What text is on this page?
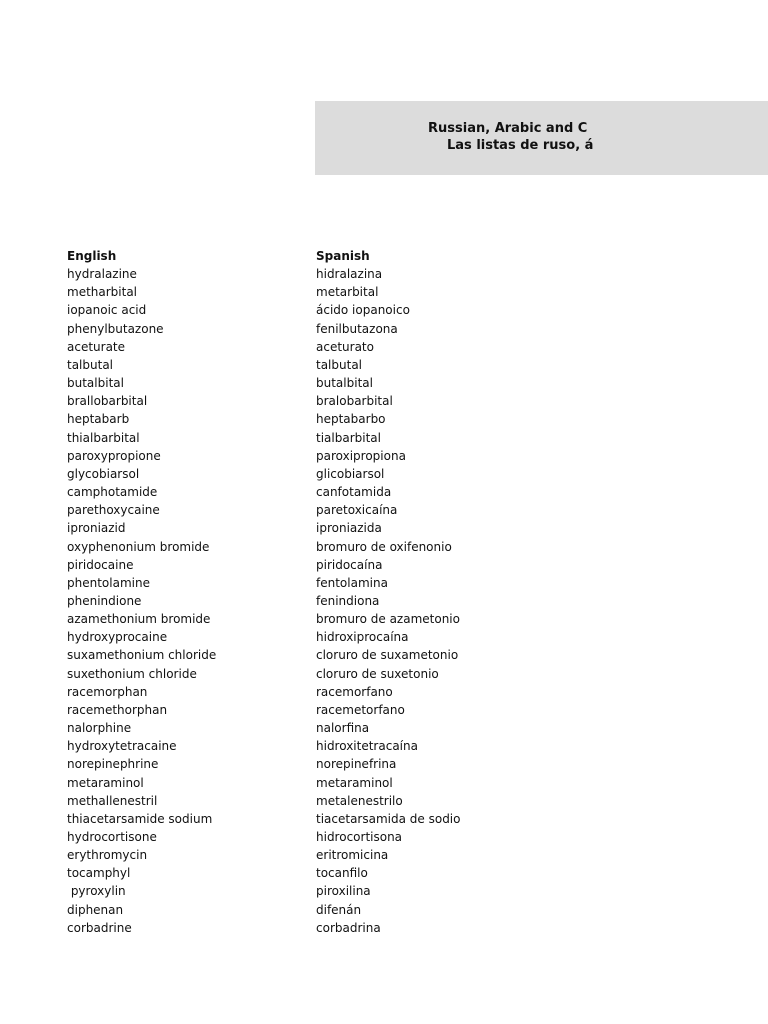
Russian, Arabic and C
Las listas de ruso, á
English
hydralazine
metharbital
iopanoic acid
phenylbutazone
aceturate
talbutal
butalbital
brallobarbital
heptabarb
thialbarbital
paroxypropione
glycobiarsol
camphotamide
parethoxycaine
iproniazid
oxyphenonium bromide
piridocaine
phentolamine
phenindione
azamethonium bromide
hydroxyprocaine
suxamethonium chloride
suxethonium chloride
racemorphan
racemethorphan
nalorphine
hydroxytetracaine
norepinephrine
metaraminol
methallenestril
thiacetarsamide sodium
hydrocortisone
erythromycin
tocamphyl
pyroxylin
diphenan
corbadrine
Spanish
hidralazina
metarbital
ácido iopanoico
fenilbutazona
aceturato
talbutal
butalbital
bralobarbital
heptabarbo
tialbarbital
paroxipropiona
glicobiarsol
canfotamida
paretoxicaína
iproniazida
bromuro de oxifenonio
piridocaína
fentolamina
fenindiona
bromuro de azametonio
hidroxiprocaína
cloruro de suxametonio
cloruro de suxetonio
racemorfano
racemetorfano
nalorfina
hidroxitetracaína
norepinefrina
metaraminol
metalenestrilo
tiacetarsamida de sodio
hidrocortisona
eritromicina
tocanfilo
piroxilina
difenán
corbadrina
